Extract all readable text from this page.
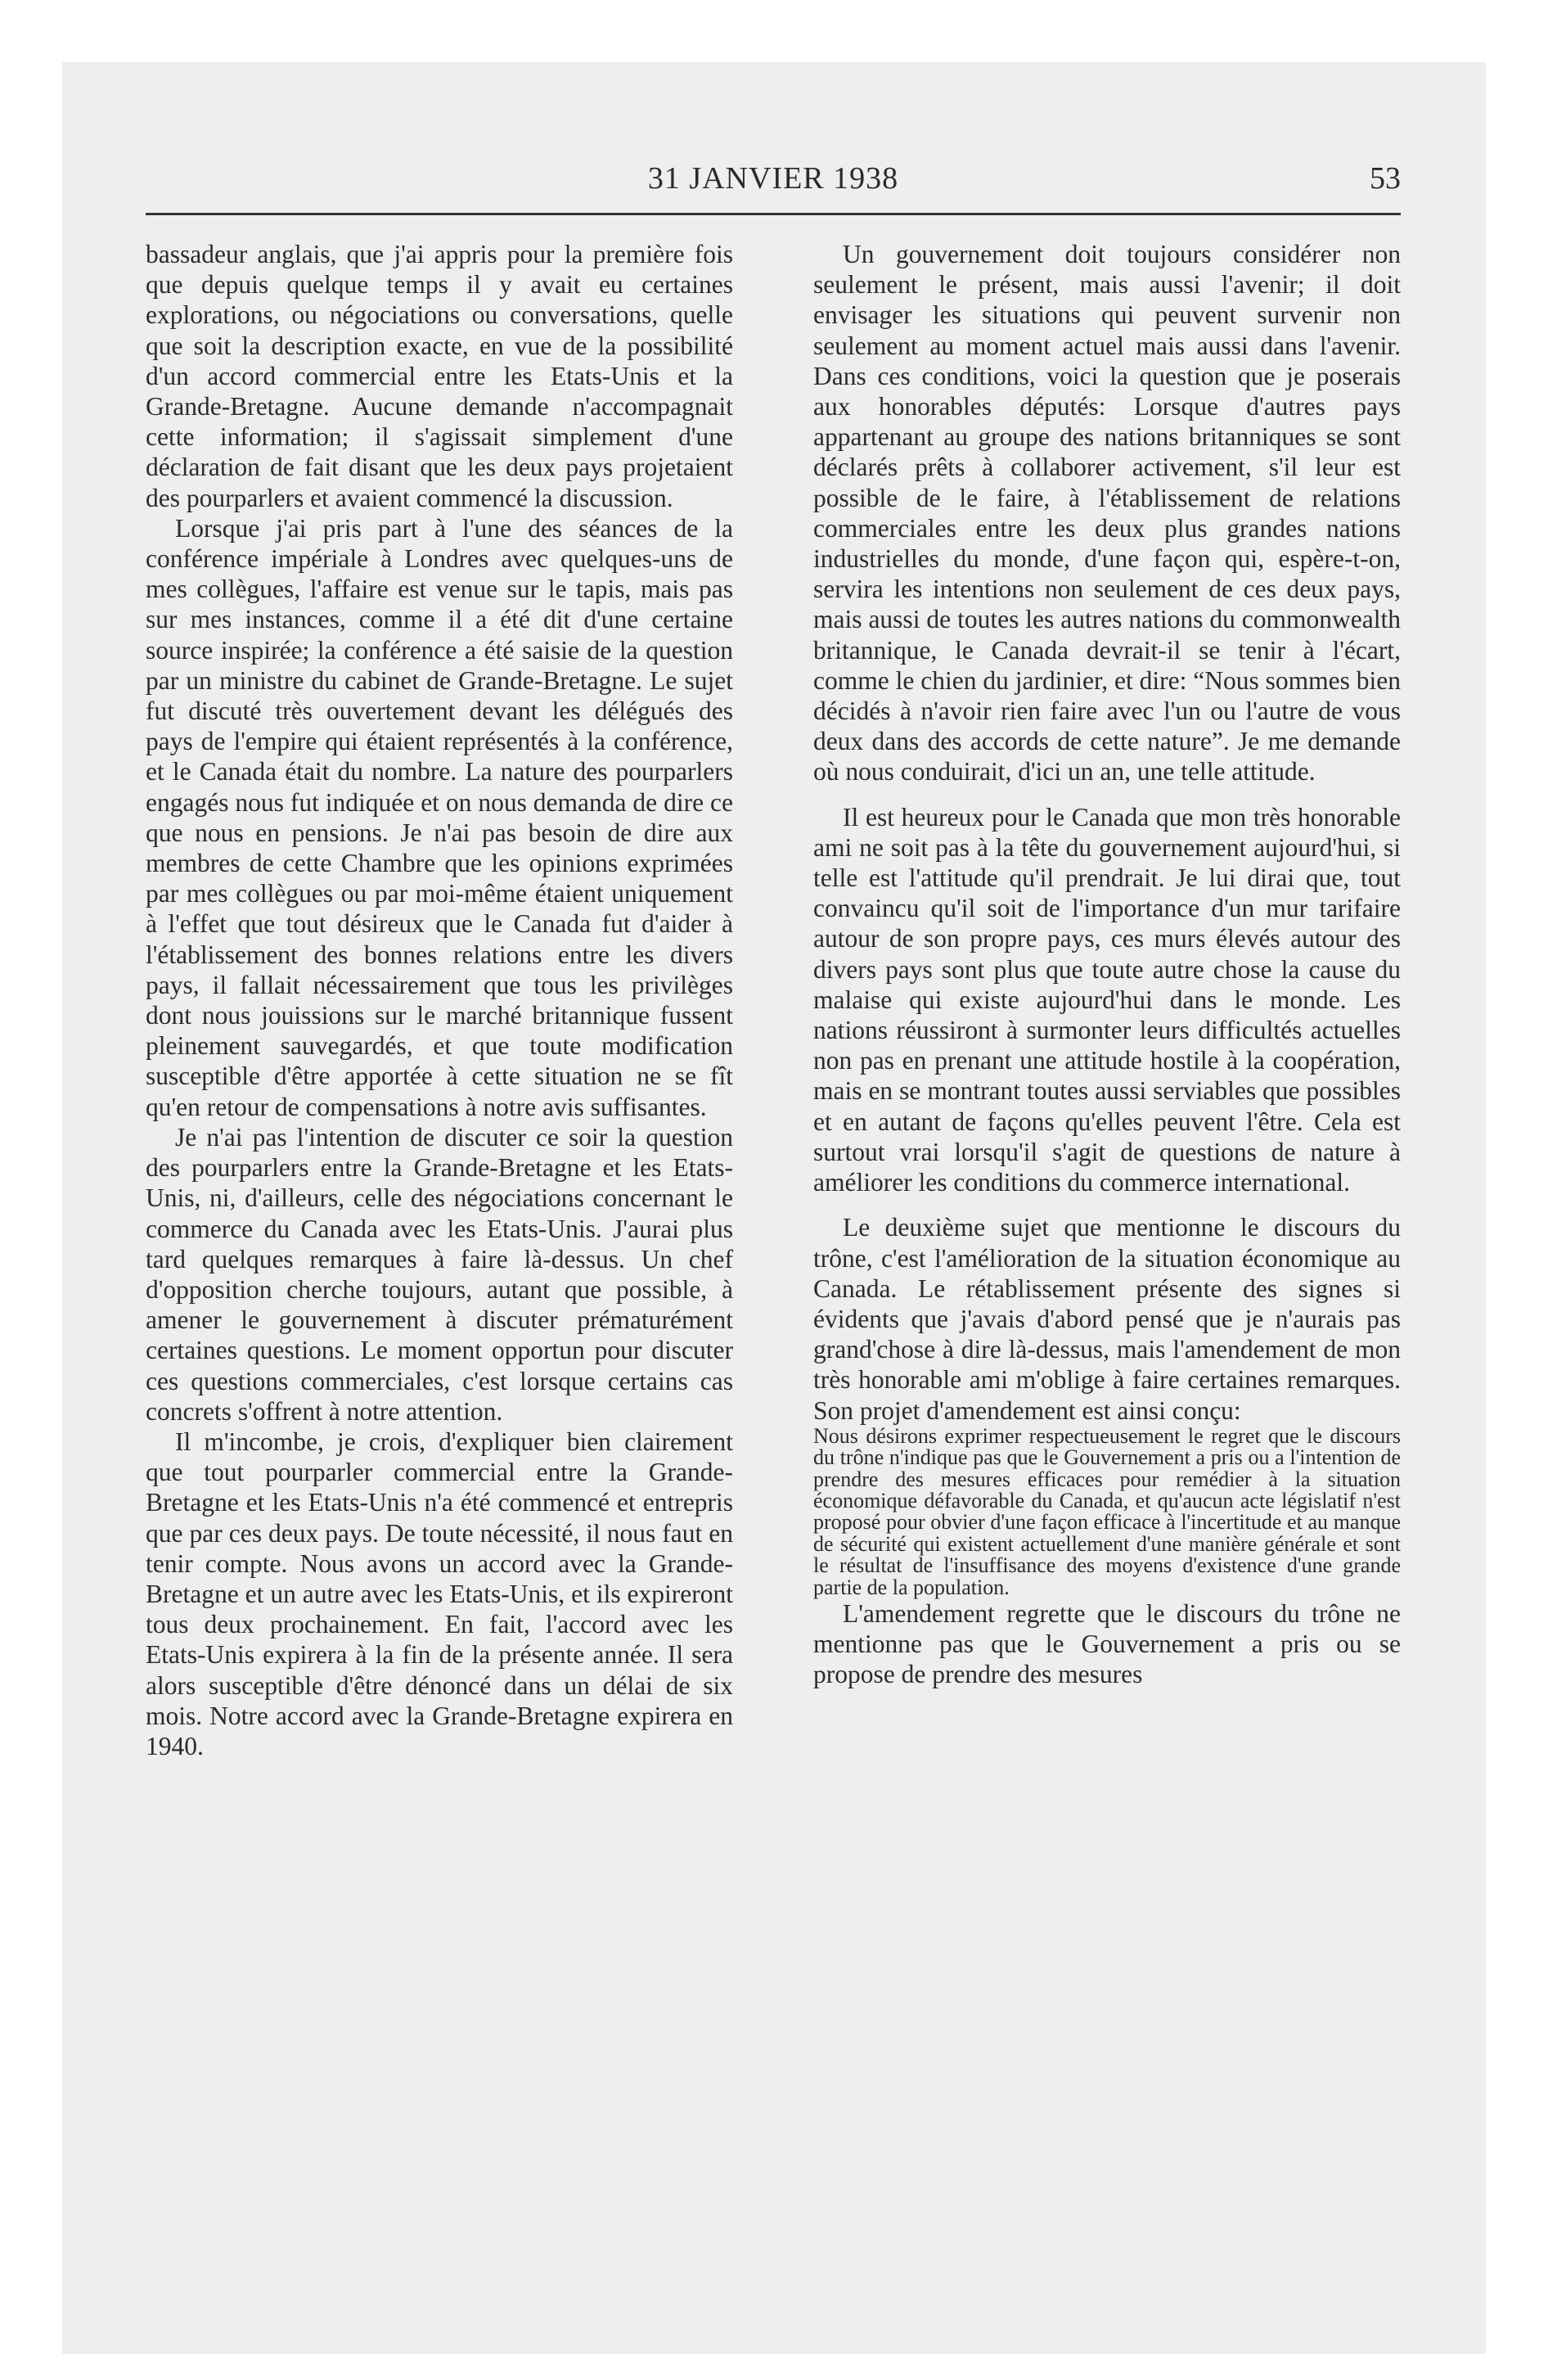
31 JANVIER 1938	53

bassadeur anglais, que j'ai appris pour la première fois que depuis quelque temps il y avait eu certaines explorations, ou négociations ou conversations, quelle que soit la description exacte, en vue de la possibilité d'un accord commercial entre les Etats-Unis et la Grande-Bretagne. Aucune demande n'accompagnait cette information; il s'agissait simplement d'une déclaration de fait disant que les deux pays projetaient des pourparlers et avaient commencé la discussion.

Lorsque j'ai pris part à l'une des séances de la conférence impériale à Londres avec quelques-uns de mes collègues, l'affaire est venue sur le tapis, mais pas sur mes instances, comme il a été dit d'une certaine source inspirée; la conférence a été saisie de la question par un ministre du cabinet de Grande-Bretagne. Le sujet fut discuté très ouvertement devant les délégués des pays de l'empire qui étaient représentés à la conférence, et le Canada était du nombre. La nature des pourparlers engagés nous fut indiquée et on nous demanda de dire ce que nous en pensions. Je n'ai pas besoin de dire aux membres de cette Chambre que les opinions exprimées par mes collègues ou par moi-même étaient uniquement à l'effet que tout désireux que le Canada fut d'aider à l'établissement des bonnes relations entre les divers pays, il fallait nécessairement que tous les privilèges dont nous jouissions sur le marché britannique fussent pleinement sauvegardés, et que toute modification susceptible d'être apportée à cette situation ne se fît qu'en retour de compensations à notre avis suffisantes.

Je n'ai pas l'intention de discuter ce soir la question des pourparlers entre la Grande-Bretagne et les Etats-Unis, ni, d'ailleurs, celle des négociations concernant le commerce du Canada avec les Etats-Unis. J'aurai plus tard quelques remarques à faire là-dessus. Un chef d'opposition cherche toujours, autant que possible, à amener le gouvernement à discuter prématurément certaines questions. Le moment opportun pour discuter ces questions commerciales, c'est lorsque certains cas concrets s'offrent à notre attention.

Il m'incombe, je crois, d'expliquer bien clairement que tout pourparler commercial entre la Grande-Bretagne et les Etats-Unis n'a été commencé et entrepris que par ces deux pays. De toute nécessité, il nous faut en tenir compte. Nous avons un accord avec la Grande-Bretagne et un autre avec les Etats-Unis, et ils expireront tous deux prochainement. En fait, l'accord avec les Etats-Unis expirera à la fin de la présente année. Il sera alors susceptible d'être dénoncé dans un délai de six mois. Notre accord avec la Grande-Bretagne expirera en 1940.

Un gouvernement doit toujours considérer non seulement le présent, mais aussi l'avenir; il doit envisager les situations qui peuvent survenir non seulement au moment actuel mais aussi dans l'avenir. Dans ces conditions, voici la question que je poserais aux honorables députés: Lorsque d'autres pays appartenant au groupe des nations britanniques se sont déclarés prêts à collaborer activement, s'il leur est possible de le faire, à l'établissement de relations commerciales entre les deux plus grandes nations industrielles du monde, d'une façon qui, espère-t-on, servira les intentions non seulement de ces deux pays, mais aussi de toutes les autres nations du commonwealth britannique, le Canada devrait-il se tenir à l'écart, comme le chien du jardinier, et dire: “Nous sommes bien décidés à n'avoir rien faire avec l'un ou l'autre de vous deux dans des accords de cette nature”. Je me demande où nous conduirait, d'ici un an, une telle attitude.

Il est heureux pour le Canada que mon très honorable ami ne soit pas à la tête du gouvernement aujourd'hui, si telle est l'attitude qu'il prendrait. Je lui dirai que, tout convaincu qu'il soit de l'importance d'un mur tarifaire autour de son propre pays, ces murs élevés autour des divers pays sont plus que toute autre chose la cause du malaise qui existe aujourd'hui dans le monde. Les nations réussiront à surmonter leurs difficultés actuelles non pas en prenant une attitude hostile à la coopération, mais en se montrant toutes aussi serviables que possibles et en autant de façons qu'elles peuvent l'être. Cela est surtout vrai lorsqu'il s'agit de questions de nature à améliorer les conditions du commerce international.

Le deuxième sujet que mentionne le discours du trône, c'est l'amélioration de la situation économique au Canada. Le rétablissement présente des signes si évidents que j'avais d'abord pensé que je n'aurais pas grand'chose à dire là-dessus, mais l'amendement de mon très honorable ami m'oblige à faire certaines remarques. Son projet d'amendement est ainsi conçu:

Nous désirons exprimer respectueusement le regret que le discours du trône n'indique pas que le Gouvernement a pris ou a l'intention de prendre des mesures efficaces pour remédier à la situation économique défavorable du Canada, et qu'aucun acte législatif n'est proposé pour obvier d'une façon efficace à l'incertitude et au manque de sécurité qui existent actuellement d'une manière générale et sont le résultat de l'insuffisance des moyens d'existence d'une grande partie de la population.

L'amendement regrette que le discours du trône ne mentionne pas que le Gouvernement a pris ou se propose de prendre des mesures
